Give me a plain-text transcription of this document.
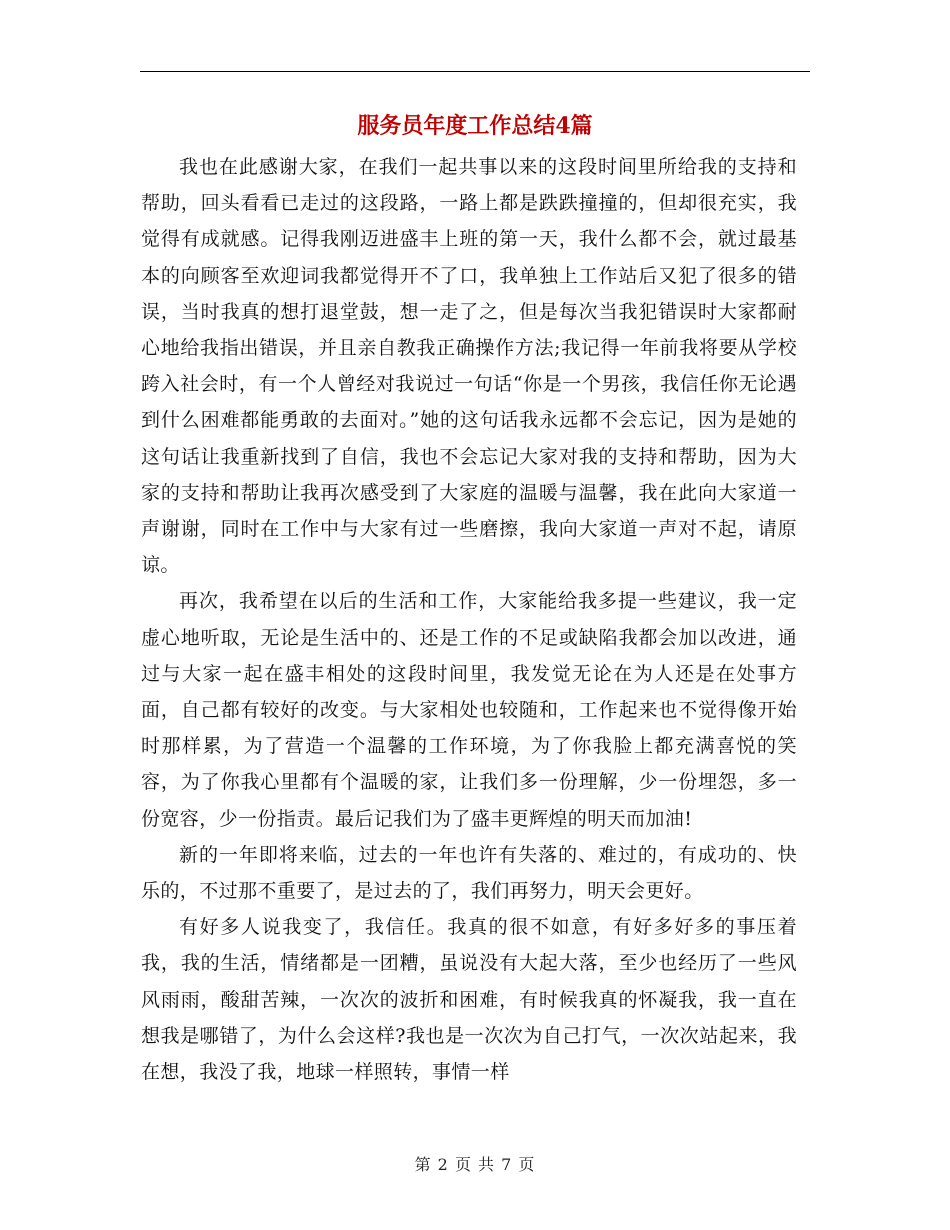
服务员年度工作总结4篇

我也在此感谢大家，在我们一起共事以来的这段时间里所给我的支持和帮助，回头看看已走过的这段路，一路上都是跌跌撞撞的，但却很充实，我觉得有成就感。记得我刚迈进盛丰上班的第一天，我什么都不会，就过最基本的向顾客至欢迎词我都觉得开不了口，我单独上工作站后又犯了很多的错误，当时我真的想打退堂鼓，想一走了之，但是每次当我犯错误时大家都耐心地给我指出错误，并且亲自教我正确操作方法;我记得一年前我将要从学校跨入社会时，有一个人曾经对我说过一句话“你是一个男孩，我信任你无论遇到什么困难都能勇敢的去面对。”她的这句话我永远都不会忘记，因为是她的这句话让我重新找到了自信，我也不会忘记大家对我的支持和帮助，因为大家的支持和帮助让我再次感受到了大家庭的温暖与温馨，我在此向大家道一声谢谢，同时在工作中与大家有过一些磨擦，我向大家道一声对不起，请原谅。

再次，我希望在以后的生活和工作，大家能给我多提一些建议，我一定虚心地听取，无论是生活中的、还是工作的不足或缺陷我都会加以改进，通过与大家一起在盛丰相处的这段时间里，我发觉无论在为人还是在处事方面，自己都有较好的改变。与大家相处也较随和，工作起来也不觉得像开始时那样累，为了营造一个温馨的工作环境，为了你我脸上都充满喜悦的笑容，为了你我心里都有个温暖的家，让我们多一份理解，少一份埋怨，多一份宽容，少一份指责。最后记我们为了盛丰更辉煌的明天而加油!

新的一年即将来临，过去的一年也许有失落的、难过的，有成功的、快乐的，不过那不重要了，是过去的了，我们再努力，明天会更好。

有好多人说我变了，我信任。我真的很不如意，有好多好多的事压着我，我的生活，情绪都是一团糟，虽说没有大起大落，至少也经历了一些风风雨雨，酸甜苦辣，一次次的波折和困难，有时候我真的怀凝我，我一直在想我是哪错了，为什么会这样?我也是一次次为自己打气，一次次站起来，我在想，我没了我，地球一样照转，事情一样

第 2 页 共 7 页
